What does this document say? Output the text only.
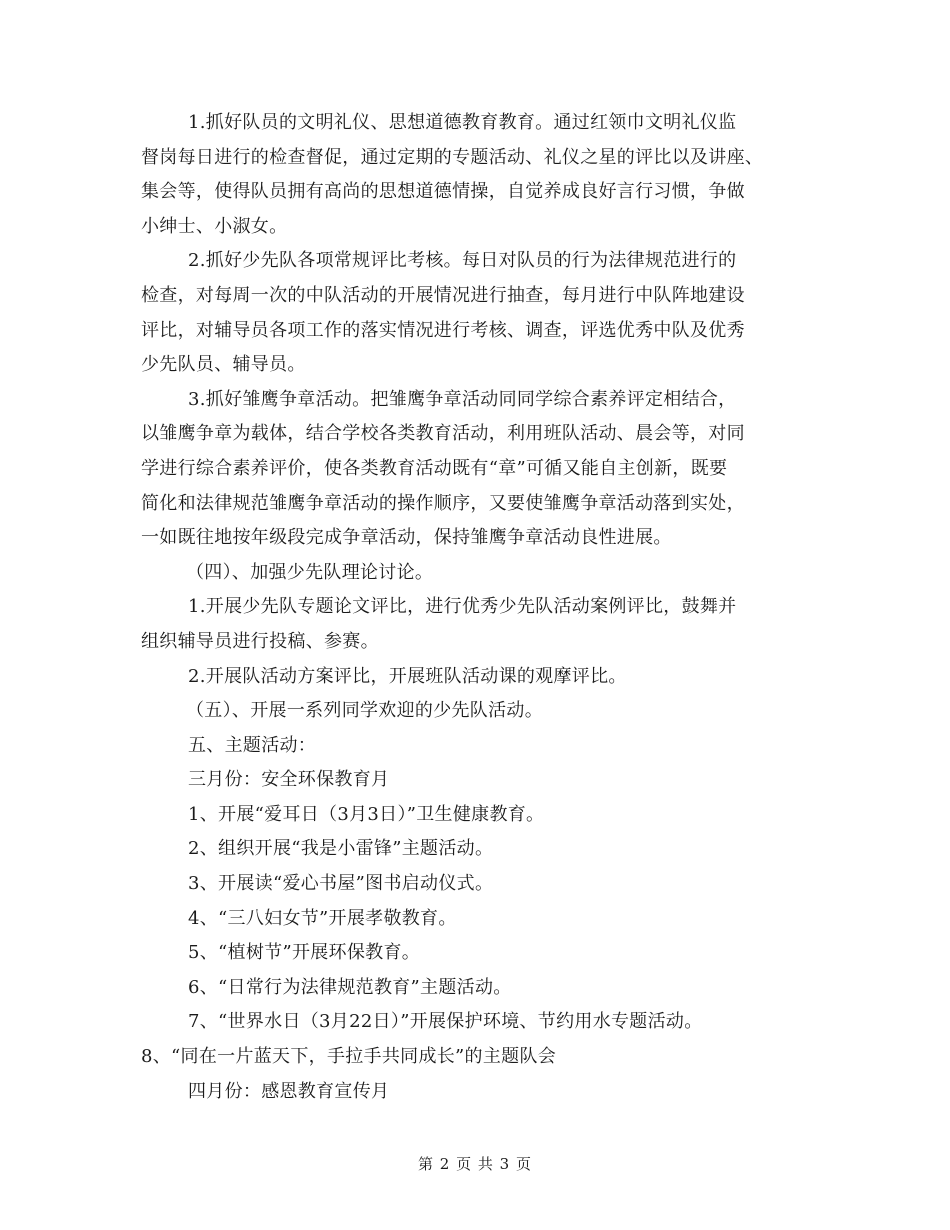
1.抓好队员的文明礼仪、思想道德教育教育。通过红领巾文明礼仪监
督岗每日进行的检查督促，通过定期的专题活动、礼仪之星的评比以及讲座、
集会等，使得队员拥有高尚的思想道德情操，自觉养成良好言行习惯，争做
小绅士、小淑女。
2.抓好少先队各项常规评比考核。每日对队员的行为法律规范进行的
检查，对每周一次的中队活动的开展情况进行抽查，每月进行中队阵地建设
评比，对辅导员各项工作的落实情况进行考核、调查，评选优秀中队及优秀
少先队员、辅导员。
3.抓好雏鹰争章活动。把雏鹰争章活动同同学综合素养评定相结合，
以雏鹰争章为载体，结合学校各类教育活动，利用班队活动、晨会等，对同
学进行综合素养评价，使各类教育活动既有“章”可循又能自主创新，既要
简化和法律规范雏鹰争章活动的操作顺序，又要使雏鹰争章活动落到实处，
一如既往地按年级段完成争章活动，保持雏鹰争章活动良性进展。
（四）、加强少先队理论讨论。
1.开展少先队专题论文评比，进行优秀少先队活动案例评比，鼓舞并
组织辅导员进行投稿、参赛。
2.开展队活动方案评比，开展班队活动课的观摩评比。
（五）、开展一系列同学欢迎的少先队活动。
五、主题活动：
三月份：安全环保教育月
1、开展“爱耳日（3月3日）”卫生健康教育。
2、组织开展“我是小雷锋”主题活动。
3、开展读“爱心书屋”图书启动仪式。
4、“三八妇女节”开展孝敬教育。
5、“植树节”开展环保教育。
6、“日常行为法律规范教育”主题活动。
7、“世界水日（3月22日）”开展保护环境、节约用水专题活动。
8、“同在一片蓝天下，手拉手共同成长”的主题队会
四月份：感恩教育宣传月
第 2 页 共 3 页
